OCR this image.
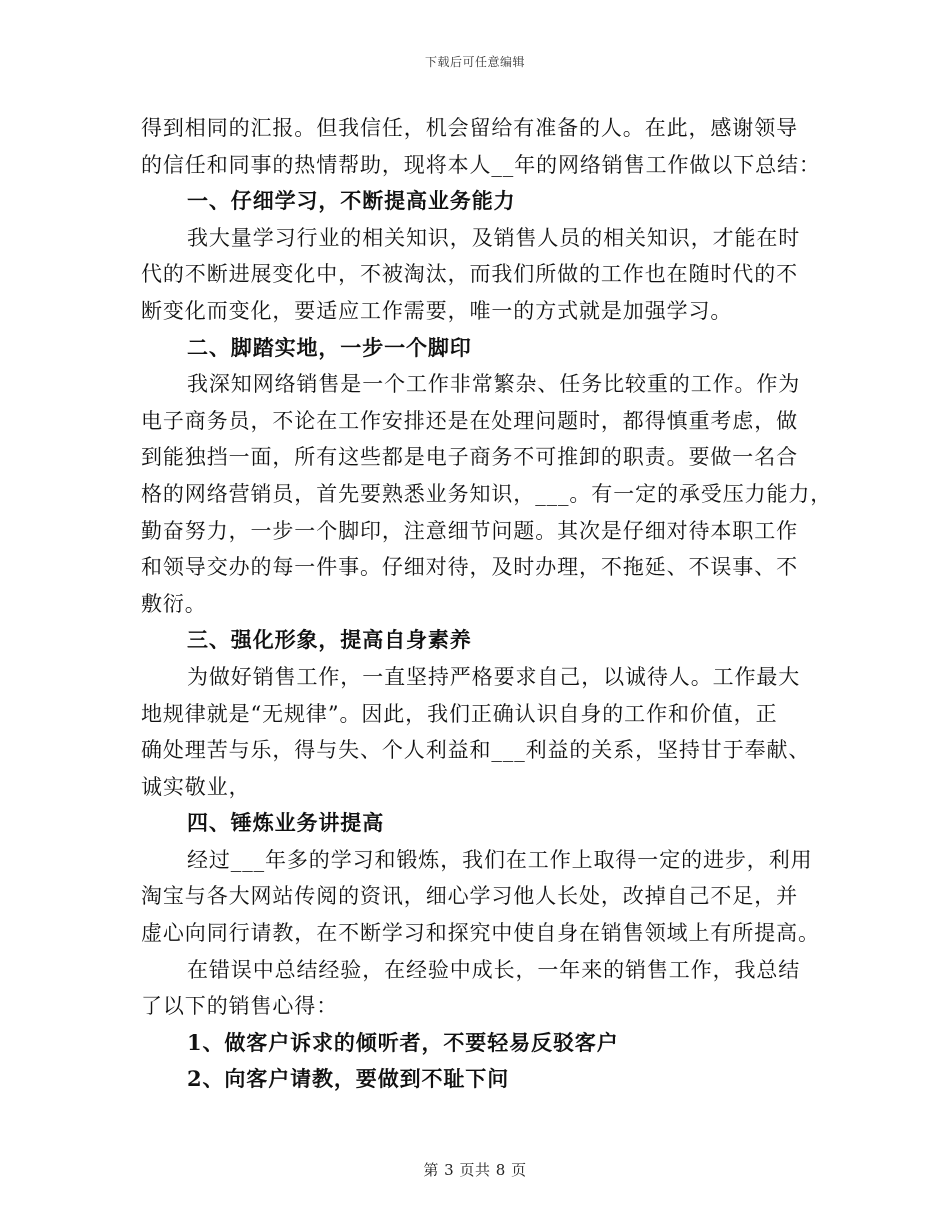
下载后可任意编辑
得到相同的汇报。但我信任，机会留给有准备的人。在此，感谢领导
的信任和同事的热情帮助，现将本人__年的网络销售工作做以下总结：
一、仔细学习，不断提高业务能力
我大量学习行业的相关知识，及销售人员的相关知识，才能在时
代的不断进展变化中，不被淘汰，而我们所做的工作也在随时代的不
断变化而变化，要适应工作需要，唯一的方式就是加强学习。
二、脚踏实地，一步一个脚印
我深知网络销售是一个工作非常繁杂、任务比较重的工作。作为
电子商务员，不论在工作安排还是在处理问题时，都得慎重考虑，做
到能独挡一面，所有这些都是电子商务不可推卸的职责。要做一名合
格的网络营销员，首先要熟悉业务知识，___。有一定的承受压力能力，
勤奋努力，一步一个脚印，注意细节问题。其次是仔细对待本职工作
和领导交办的每一件事。仔细对待，及时办理，不拖延、不误事、不
敷衍。
三、强化形象，提高自身素养
为做好销售工作，一直坚持严格要求自己，以诚待人。工作最大
地规律就是“无规律”。因此，我们正确认识自身的工作和价值，正
确处理苦与乐，得与失、个人利益和___利益的关系，坚持甘于奉献、
诚实敬业，
四、锤炼业务讲提高
经过___年多的学习和锻炼，我们在工作上取得一定的进步，利用
淘宝与各大网站传阅的资讯，细心学习他人长处，改掉自己不足，并
虚心向同行请教，在不断学习和探究中使自身在销售领域上有所提高。
在错误中总结经验，在经验中成长，一年来的销售工作，我总结
了以下的销售心得：
1、做客户诉求的倾听者，不要轻易反驳客户
2、向客户请教，要做到不耻下问
第 3 页共 8 页
